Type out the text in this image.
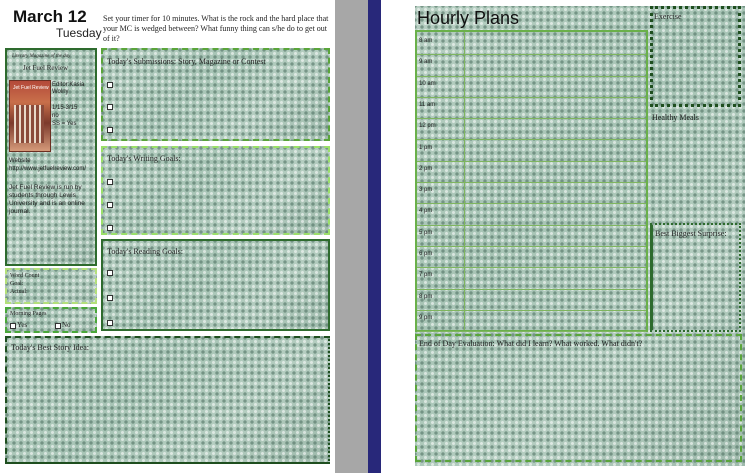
March 12
Tuesday
Set your timer for 10 minutes. What is the rock and the hard place that your MC is wedged between? What funny thing can s/he do to get out of it?
Literary Magazine of the day
Jet Fuel Review
Jet Fuel Review Editor:Kasia Wolny
1/15-3/15
no
SS = Yes
Website
http://www.jetfuelreview.com/
Jet Fuel Review is run by students through Lewis University and is an online journal.
Word Count
Goal:
Actual:
Morning Pages
Yes	No
Today's Submissions: Story, Magazine or Contest
Today's Writing Goals:
Today's Reading Goals:
Today's Best Story Idea:
Hourly Plans
8 am
9 am
10 am
11 am
12 pm
1 pm
2 pm
3 pm
4 pm
5 pm
6 pm
7 pm
8 pm
9 pm
Exercise
Healthy Meals
Best Biggest Surprise:
End of Day Evaluation: What did I learn? What worked. What didn't?
